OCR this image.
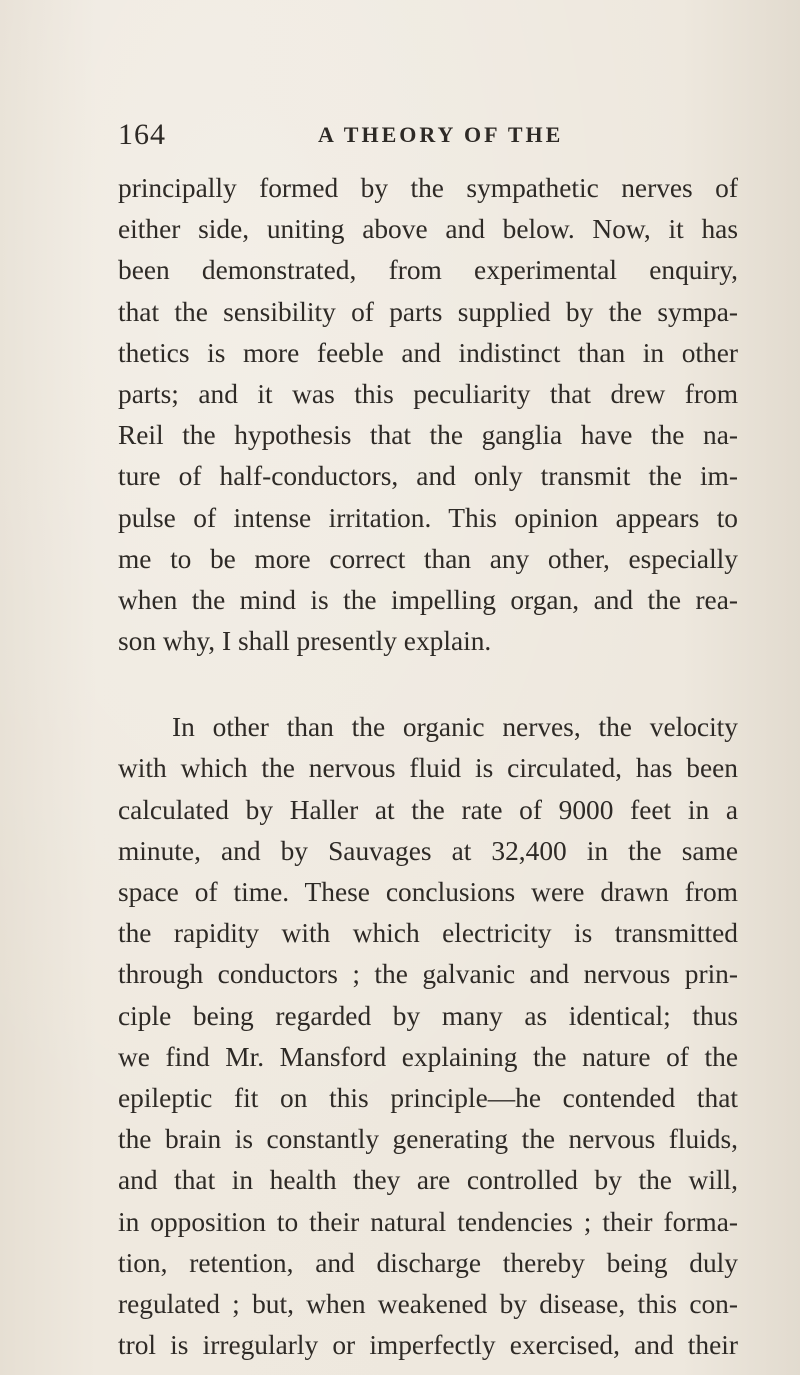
164	A THEORY OF THE
principally formed by the sympathetic nerves of
either side, uniting above and below. Now, it has
been demonstrated, from experimental enquiry,
that the sensibility of parts supplied by the sympa-
thetics is more feeble and indistinct than in other
parts; and it was this peculiarity that drew from
Reil the hypothesis that the ganglia have the na-
ture of half-conductors, and only transmit the im-
pulse of intense irritation. This opinion appears to
me to be more correct than any other, especially
when the mind is the impelling organ, and the rea-
son why, I shall presently explain.
In other than the organic nerves, the velocity
with which the nervous fluid is circulated, has been
calculated by Haller at the rate of 9000 feet in a
minute, and by Sauvages at 32,400 in the same
space of time. These conclusions were drawn from
the rapidity with which electricity is transmitted
through conductors ; the galvanic and nervous prin-
ciple being regarded by many as identical; thus
we find Mr. Mansford explaining the nature of the
epileptic fit on this principle—he contended that
the brain is constantly generating the nervous fluids,
and that in health they are controlled by the will,
in opposition to their natural tendencies ; their forma-
tion, retention, and discharge thereby being duly
regulated ; but, when weakened by disease, this con-
trol is irregularly or imperfectly exercised, and their
